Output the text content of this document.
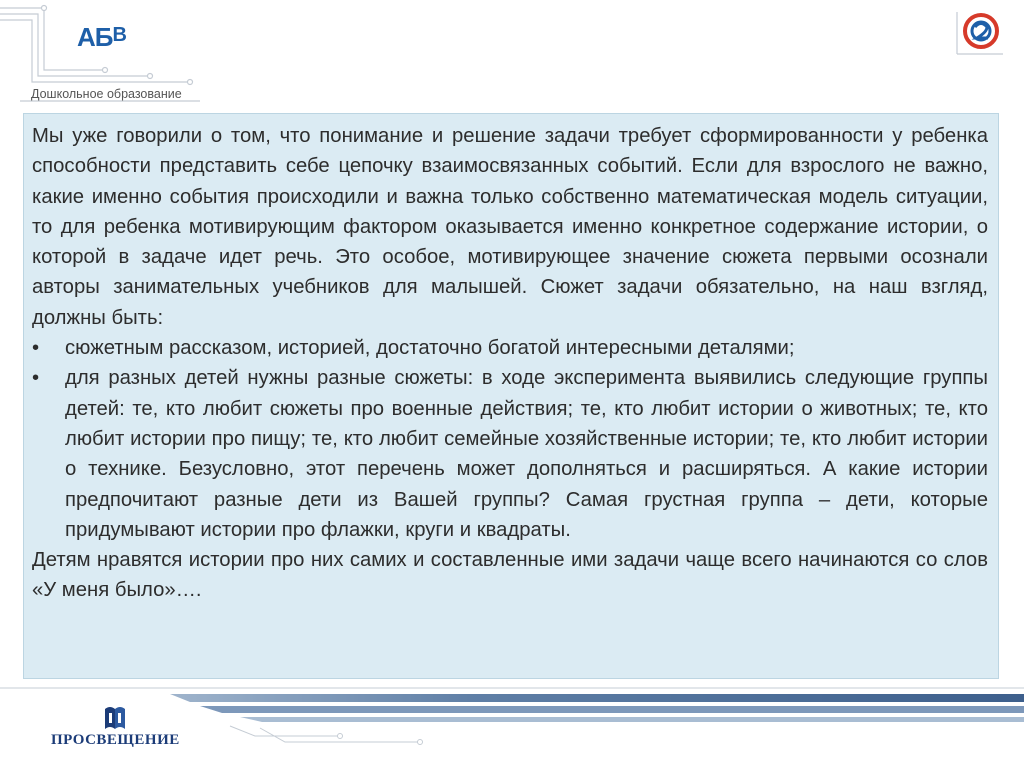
АБВ
Дошкольное образование

Мы уже говорили о том, что понимание и решение задачи требует сформированности у ребенка способности представить себе цепочку взаимосвязанных событий. Если для взрослого не важно, какие именно события происходили и важна только собственно математическая модель ситуации, то для ребенка мотивирующим фактором оказывается именно конкретное содержание истории, о которой в задаче идет речь. Это особое, мотивирующее значение сюжета первыми осознали авторы занимательных учебников для малышей. Сюжет задачи обязательно, на наш взгляд, должны быть:

• сюжетным рассказом, историей, достаточно богатой интересными деталями;
• для разных детей нужны разные сюжеты: в ходе эксперимента выявились следующие группы детей: те, кто любит сюжеты про военные действия; те, кто любит истории о животных; те, кто любит истории про пищу; те, кто любит семейные хозяйственные истории; те, кто любит истории о технике. Безусловно, этот перечень может дополняться и расширяться. А какие истории предпочитают разные дети из Вашей группы? Самая грустная группа – дети, которые придумывают истории про флажки, круги и квадраты.

Детям нравятся истории про них самих и составленные ими задачи чаще всего начинаются со слов «У меня было»….

ПРОСВЕЩЕНИЕ
